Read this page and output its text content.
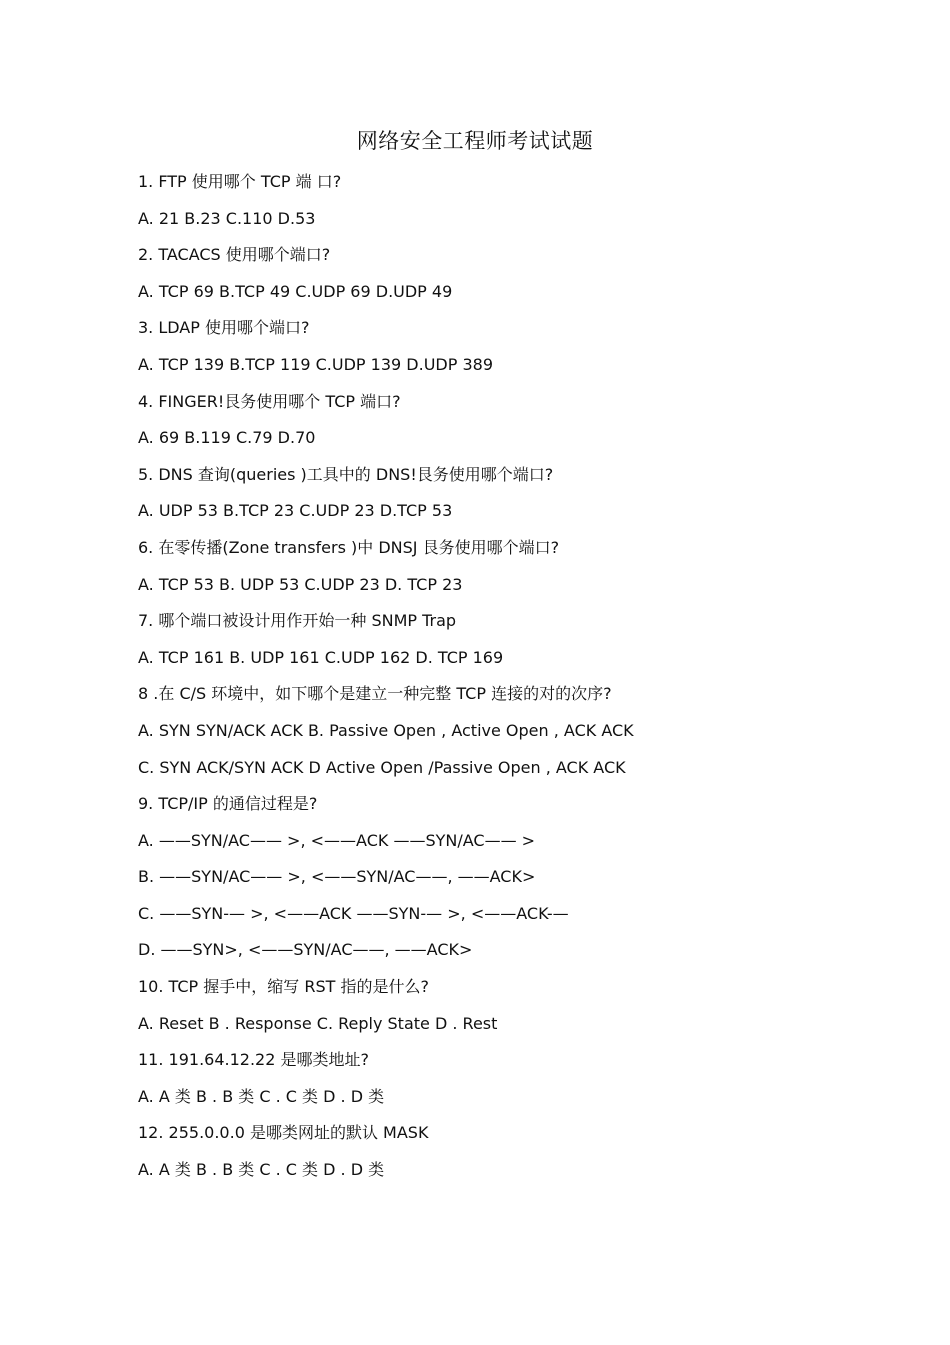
网络安全工程师考试试题
1. FTP 使用哪个 TCP 端 口?
A. 21 B.23 C.110 D.53
2. TACACS 使用哪个端口?
A. TCP 69 B.TCP 49 C.UDP 69 D.UDP 49
3. LDAP 使用哪个端口?
A. TCP 139 B.TCP 119 C.UDP 139 D.UDP 389
4. FINGER!艮务使用哪个 TCP 端口?
A. 69 B.119 C.79 D.70
5. DNS 查询(queries )工具中的 DNS!艮务使用哪个端口?
A. UDP 53 B.TCP 23 C.UDP 23 D.TCP 53
6. 在零传播(Zone transfers )中 DNSJ 艮务使用哪个端口?
A. TCP 53 B. UDP 53 C.UDP 23 D. TCP 23
7. 哪个端口被设计用作开始一种 SNMP Trap
A. TCP 161 B. UDP 161 C.UDP 162 D. TCP 169
8 .在 C/S 环境中，如下哪个是建立一种完整 TCP 连接的对的次序?
A. SYN SYN/ACK ACK B. Passive Open , Active Open , ACK ACK
C. SYN ACK/SYN ACK D Active Open /Passive Open , ACK ACK
9. TCP/IP 的通信过程是?
A. ——SYN/AC—— >, <——ACK ——SYN/AC—— >
B. ——SYN/AC—— >, <——SYN/AC——, ——ACK>
C. ——SYN-— >, <——ACK ——SYN-— >, <——ACK-—
D. ——SYN>, <——SYN/AC——, ——ACK>
10. TCP 握手中，缩写 RST 指的是什么?
A. Reset B . Response C. Reply State D . Rest
11. 191.64.12.22 是哪类地址?
A. A 类 B . B 类 C . C 类 D . D 类
12. 255.0.0.0 是哪类网址的默认 MASK
A. A 类 B . B 类 C . C 类 D . D 类
